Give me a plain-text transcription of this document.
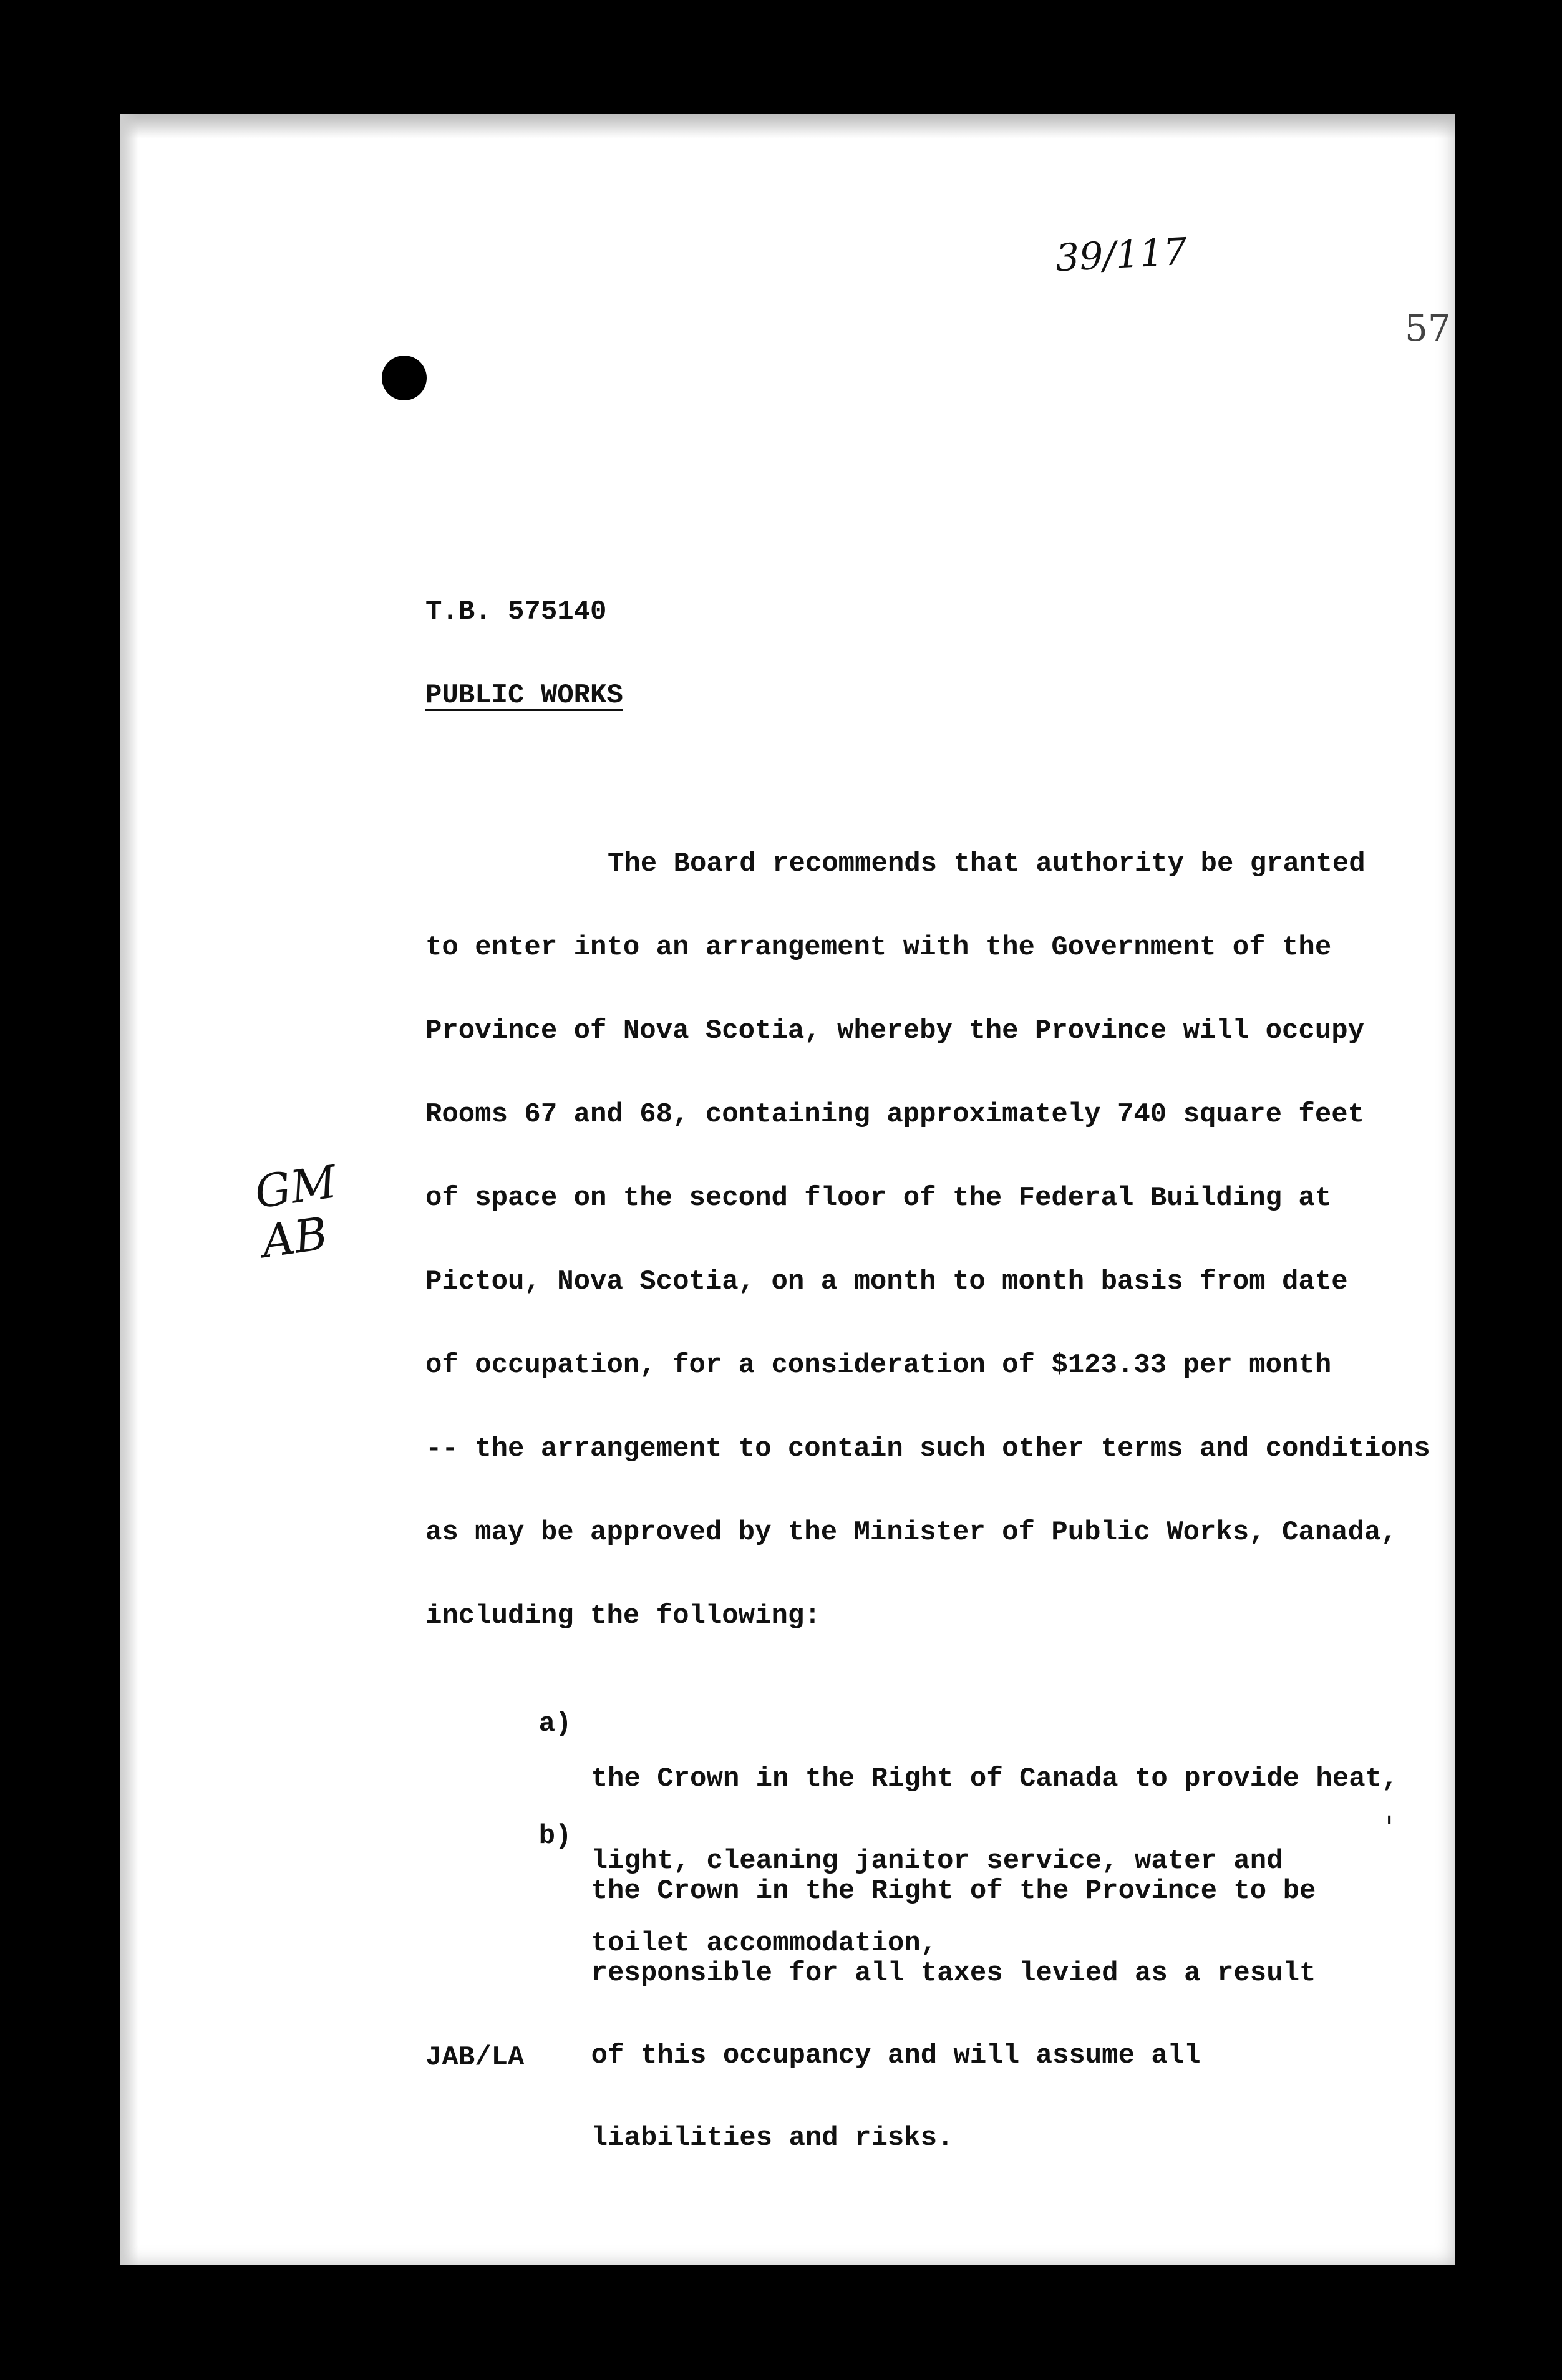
39/117
57
GM
AB
'
T.B. 575140
PUBLIC WORKS
The Board recommends that authority be granted
to enter into an arrangement with the Government of the
Province of Nova Scotia, whereby the Province will occupy
Rooms 67 and 68, containing approximately 740 square feet
of space on the second floor of the Federal Building at
Pictou, Nova Scotia, on a month to month basis from date
of occupation, for a consideration of $123.33 per month
-- the arrangement to contain such other terms and conditions
as may be approved by the Minister of Public Works, Canada,
including the following:

a)

the Crown in the Right of Canada to provide heat,

light, cleaning janitor service, water and

toilet accommodation,

b)

the Crown in the Right of the Province to be

responsible for all taxes levied as a result

of this occupancy and will assume all

liabilities and risks.

JAB/LA
